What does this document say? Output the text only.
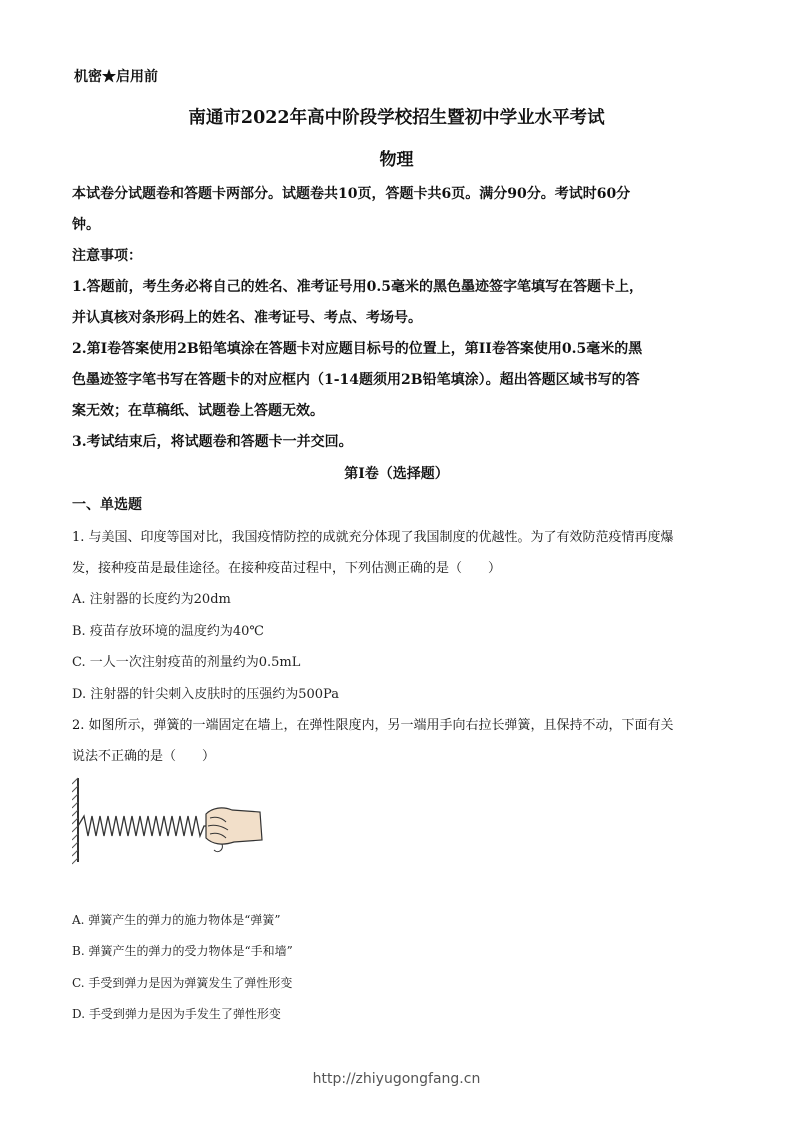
机密★启用前
南通市2022年高中阶段学校招生暨初中学业水平考试
物理
本试卷分试题卷和答题卡两部分。试题卷共10页，答题卡共6页。满分90分。考试时60分
钟。
注意事项：
1.答题前，考生务必将自己的姓名、准考证号用0.5毫米的黑色墨迹签字笔填写在答题卡上，
并认真核对条形码上的姓名、准考证号、考点、考场号。
2.第I卷答案使用2B铅笔填涂在答题卡对应题目标号的位置上，第II卷答案使用0.5毫米的黑
色墨迹签字笔书写在答题卡的对应框内（1-14题须用2B铅笔填涂）。超出答题区域书写的答
案无效；在草稿纸、试题卷上答题无效。
3.考试结束后，将试题卷和答题卡一并交回。
第I卷（选择题）
一、单选题
1. 与美国、印度等国对比，我国疫情防控的成就充分体现了我国制度的优越性。为了有效防范疫情再度爆
发，接种疫苗是最佳途径。在接种疫苗过程中，下列估测正确的是（　　）
A. 注射器的长度约为20dm
B. 疫苗存放环境的温度约为40℃
C. 一人一次注射疫苗的剂量约为0.5mL
D. 注射器的针尖刺入皮肤时的压强约为500Pa
2. 如图所示，弹簧的一端固定在墙上，在弹性限度内，另一端用手向右拉长弹簧，且保持不动，下面有关
说法不正确的是（　　）
A. 弹簧产生的弹力的施力物体是“弹簧”
B. 弹簧产生的弹力的受力物体是“手和墙”
C. 手受到弹力是因为弹簧发生了弹性形变
D. 手受到弹力是因为手发生了弹性形变
http://zhiyugongfang.cn
